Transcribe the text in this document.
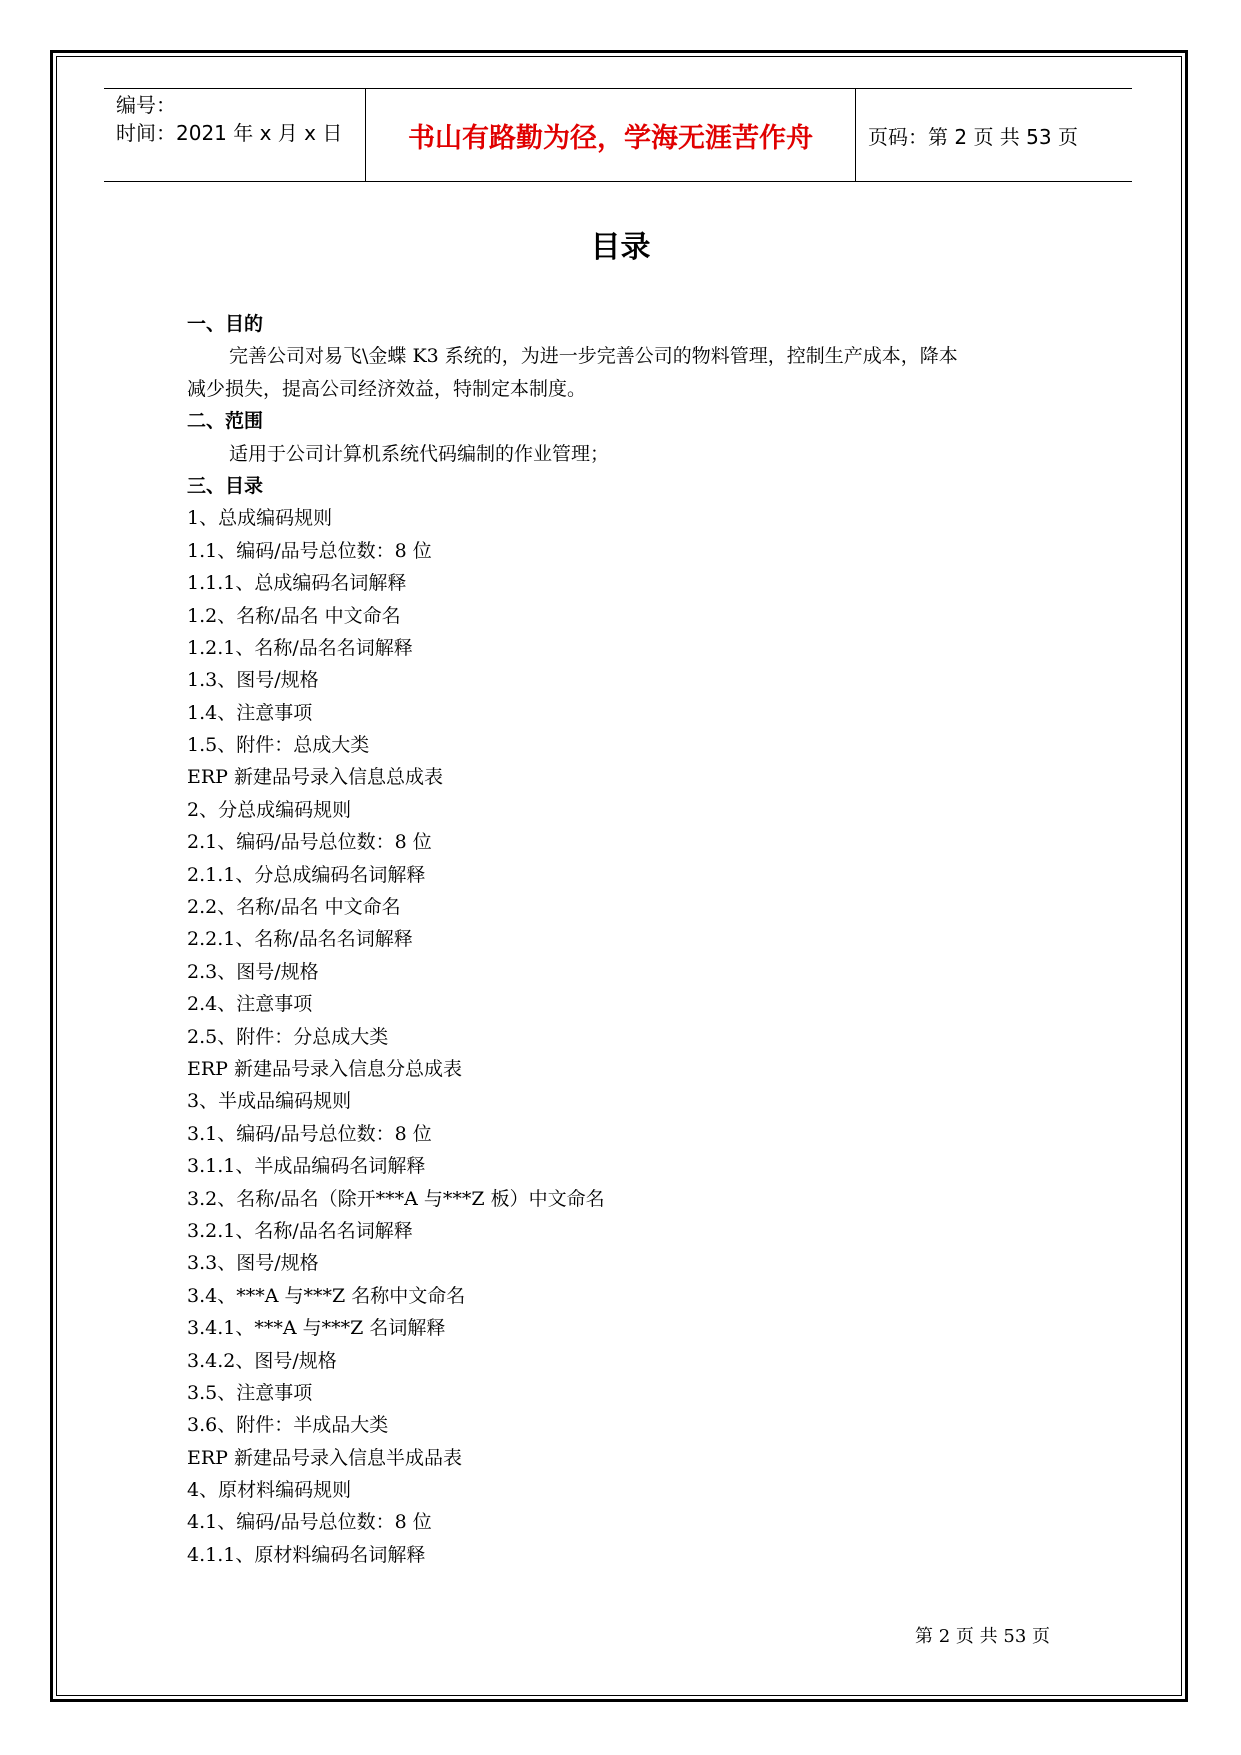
编号：
时间：2021 年 x 月 x 日	书山有路勤为径，学海无涯苦作舟	页码：第 2 页 共 53 页
目录
一、目的
完善公司对易飞\金蝶 K3 系统的，为进一步完善公司的物料管理，控制生产成本，降本
减少损失，提高公司经济效益，特制定本制度。
二、范围
适用于公司计算机系统代码编制的作业管理；
三、目录
1、总成编码规则
1.1、编码/品号总位数：8 位
1.1.1、总成编码名词解释
1.2、名称/品名 中文命名
1.2.1、名称/品名名词解释
1.3、图号/规格
1.4、注意事项
1.5、附件：总成大类
ERP 新建品号录入信息总成表
2、分总成编码规则
2.1、编码/品号总位数：8 位
2.1.1、分总成编码名词解释
2.2、名称/品名 中文命名
2.2.1、名称/品名名词解释
2.3、图号/规格
2.4、注意事项
2.5、附件：分总成大类
ERP 新建品号录入信息分总成表
3、半成品编码规则
3.1、编码/品号总位数：8 位
3.1.1、半成品编码名词解释
3.2、名称/品名（除开***A 与***Z 板）中文命名
3.2.1、名称/品名名词解释
3.3、图号/规格
3.4、***A 与***Z 名称中文命名
3.4.1、***A 与***Z 名词解释
3.4.2、图号/规格
3.5、注意事项
3.6、附件：半成品大类
ERP 新建品号录入信息半成品表
4、原材料编码规则
4.1、编码/品号总位数：8 位
4.1.1、原材料编码名词解释
第 2 页 共 53 页
